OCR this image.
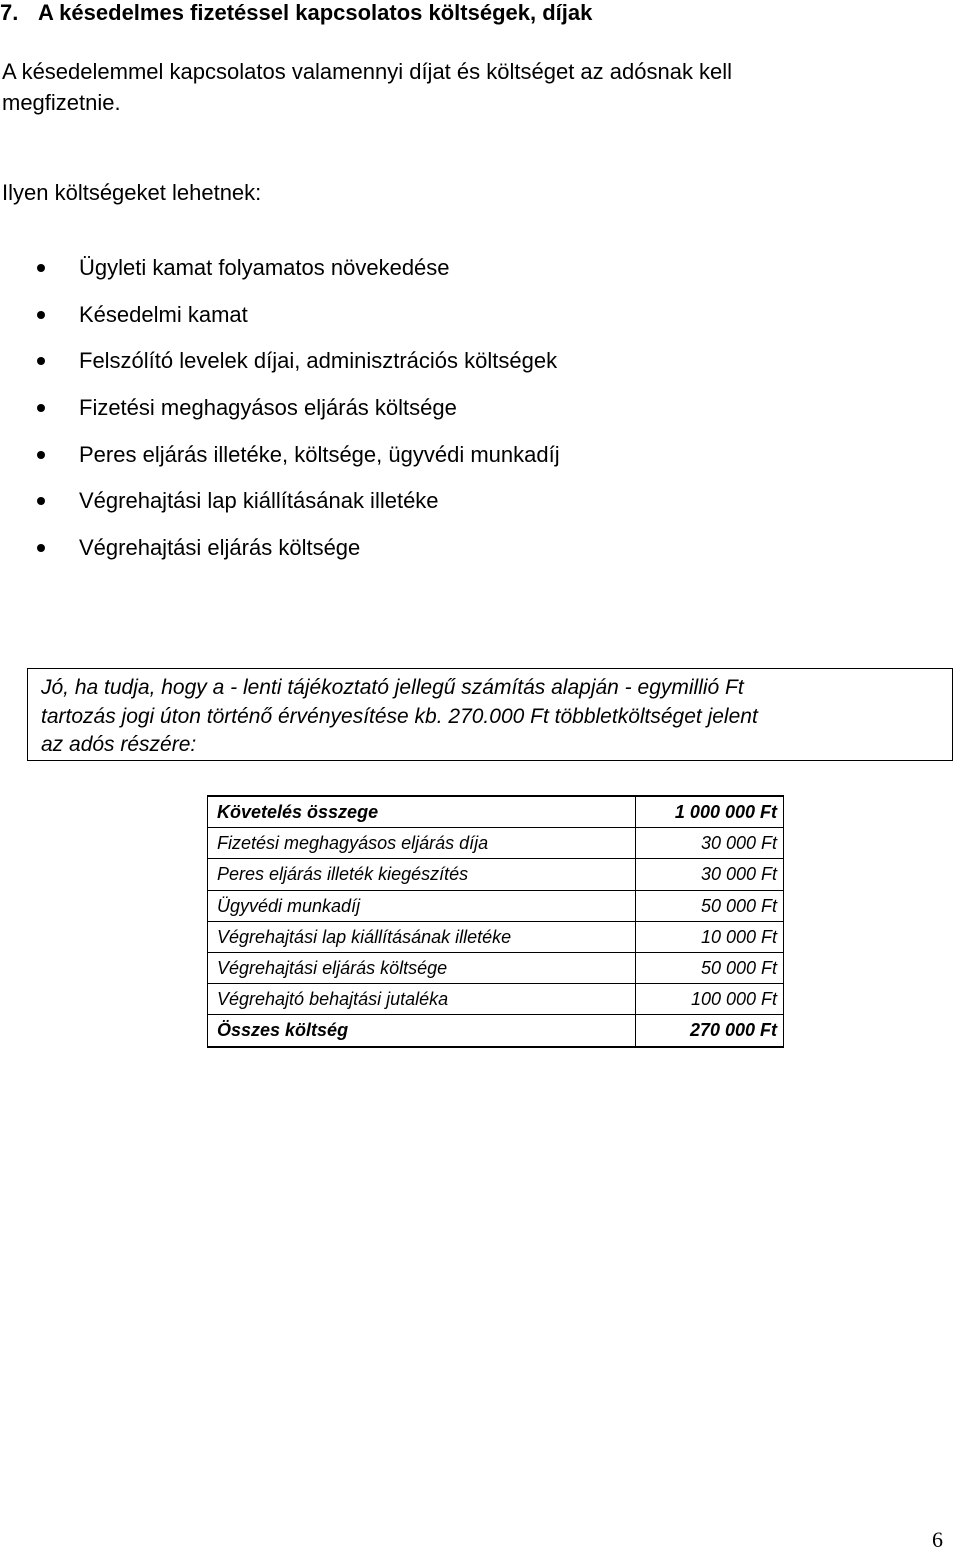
7. A késedelmes fizetéssel kapcsolatos költségek, díjak
A késedelemmel kapcsolatos valamennyi díjat és költséget az adósnak kell
megfizetnie.
Ilyen költségeket lehetnek:
Ügyleti kamat folyamatos növekedése
Késedelmi kamat
Felszólító levelek díjai, adminisztrációs költségek
Fizetési meghagyásos eljárás költsége
Peres eljárás illetéke, költsége, ügyvédi munkadíj
Végrehajtási lap kiállításának illetéke
Végrehajtási eljárás költsége
Jó, ha tudja, hogy a - lenti tájékoztató jellegű számítás alapján - egymillió Ft
tartozás jogi úton történő érvényesítése kb. 270.000 Ft többletköltséget jelent
az adós részére:
Követelés összege	1 000 000 Ft
Fizetési meghagyásos eljárás díja	30 000 Ft
Peres eljárás illeték kiegészítés	30 000 Ft
Ügyvédi munkadíj	50 000 Ft
Végrehajtási lap kiállításának illetéke	10 000 Ft
Végrehajtási eljárás költsége	50 000 Ft
Végrehajtó behajtási jutaléka	100 000 Ft
Összes költség	270 000 Ft
6
